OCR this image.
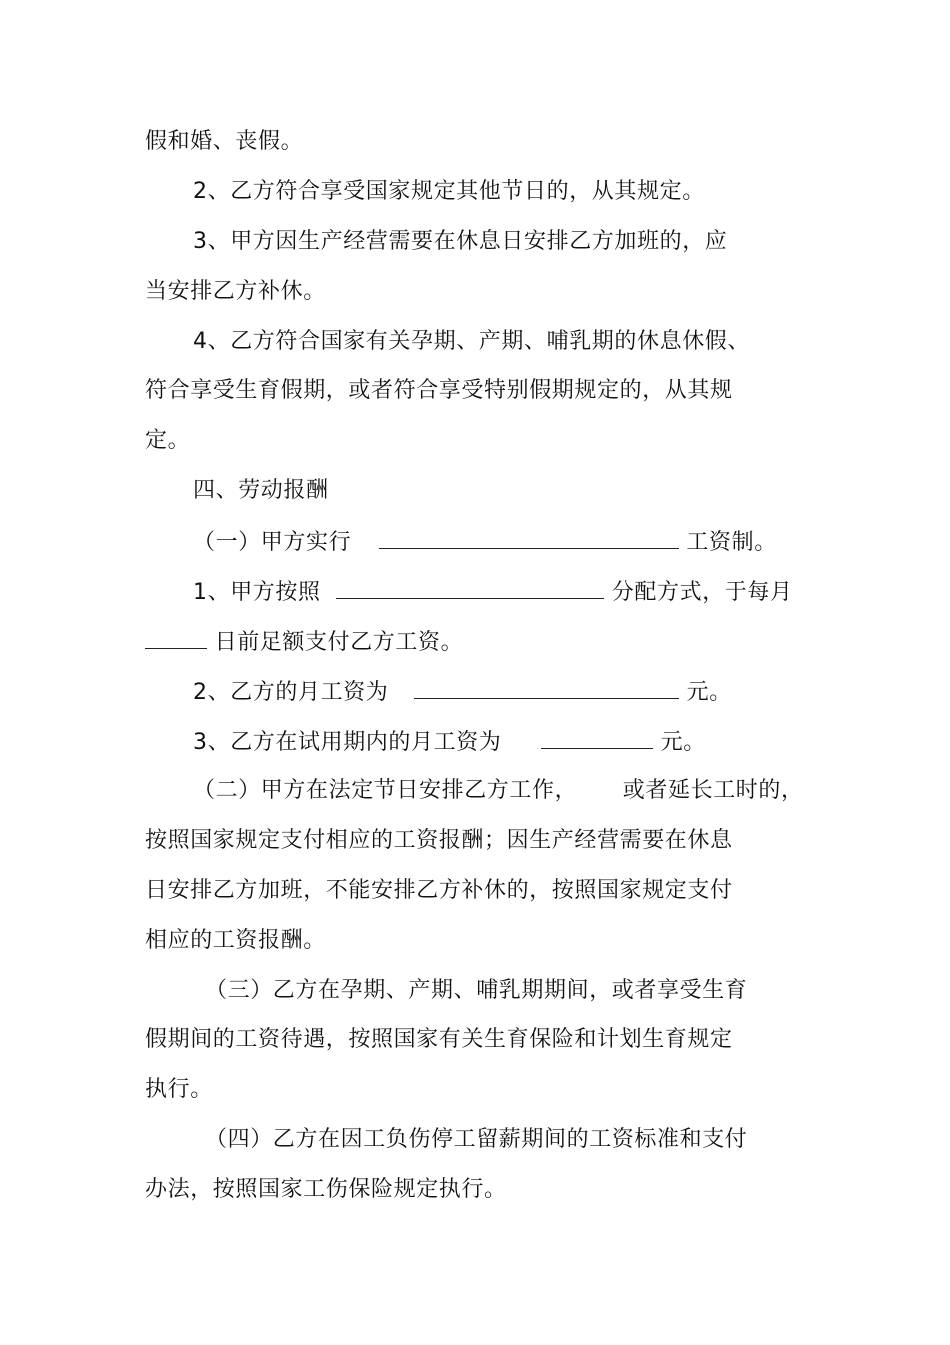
假和婚、丧假。
2、乙方符合享受国家规定其他节日的，从其规定。
3、甲方因生产经营需要在休息日安排乙方加班的，应
当安排乙方补休。
4、乙方符合国家有关孕期、产期、哺乳期的休息休假、
符合享受生育假期，或者符合享受特别假期规定的，从其规
定。
四、劳动报酬
（一）甲方实行	工资制。
1、甲方按照	分配方式，于每月
日前足额支付乙方工资。
2、乙方的月工资为	元。
3、乙方在试用期内的月工资为	元。
（二）甲方在法定节日安排乙方工作， 或者延长工时的，
按照国家规定支付相应的工资报酬；因生产经营需要在休息
日安排乙方加班，不能安排乙方补休的，按照国家规定支付
相应的工资报酬。
（三）乙方在孕期、产期、哺乳期期间，或者享受生育
假期间的工资待遇，按照国家有关生育保险和计划生育规定
执行。
（四）乙方在因工负伤停工留薪期间的工资标准和支付
办法，按照国家工伤保险规定执行。
